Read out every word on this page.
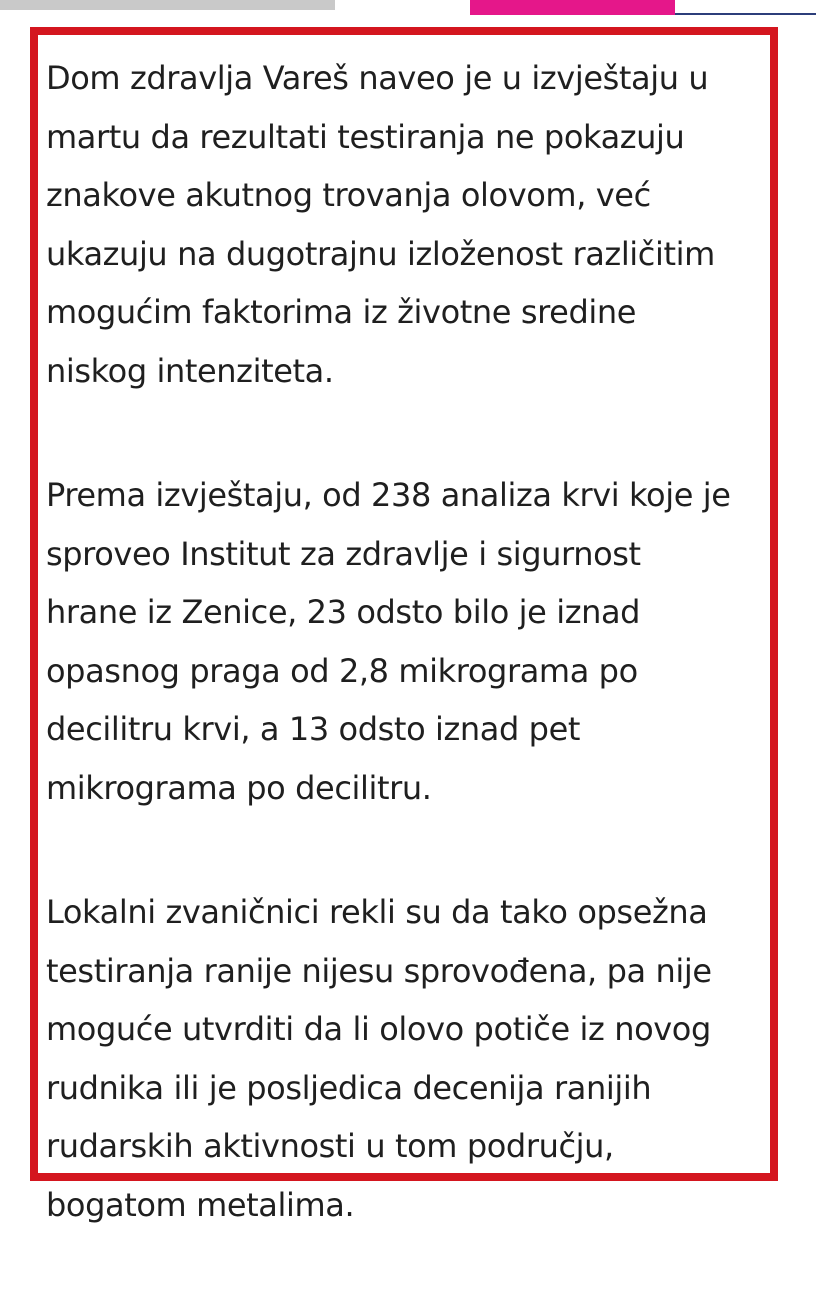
Dom zdravlja Vareš naveo je u izvještaju u
martu da rezultati testiranja ne pokazuju
znakove akutnog trovanja olovom, već
ukazuju na dugotrajnu izloženost različitim
mogućim faktorima iz životne sredine
niskog intenziteta.

Prema izvještaju, od 238 analiza krvi koje je
sproveo Institut za zdravlje i sigurnost
hrane iz Zenice, 23 odsto bilo je iznad
opasnog praga od 2,8 mikrograma po
decilitru krvi, a 13 odsto iznad pet
mikrograma po decilitru.

Lokalni zvaničnici rekli su da tako opsežna
testiranja ranije nijesu sprovođena, pa nije
moguće utvrditi da li olovo potiče iz novog
rudnika ili je posljedica decenija ranijih
rudarskih aktivnosti u tom području,
bogatom metalima.
